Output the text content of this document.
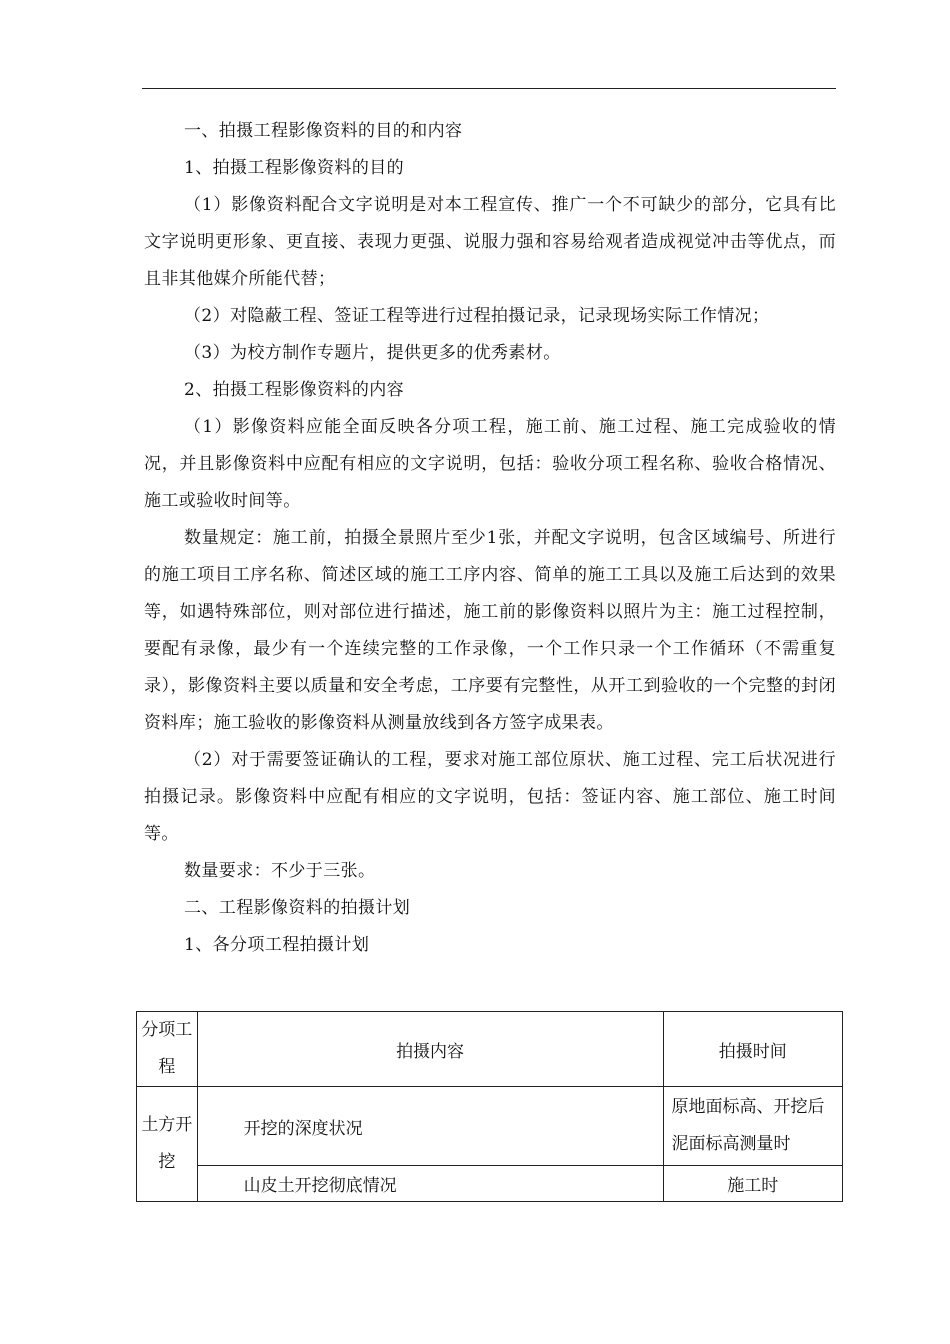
一、拍摄工程影像资料的目的和内容

1、拍摄工程影像资料的目的

（1）影像资料配合文字说明是对本工程宣传、推广一个不可缺少的部分，它具有比文字说明更形象、更直接、表现力更强、说服力强和容易给观者造成视觉冲击等优点，而且非其他媒介所能代替；

（2）对隐蔽工程、签证工程等进行过程拍摄记录，记录现场实际工作情况；

（3）为校方制作专题片，提供更多的优秀素材。

2、拍摄工程影像资料的内容

（1）影像资料应能全面反映各分项工程，施工前、施工过程、施工完成验收的情况，并且影像资料中应配有相应的文字说明，包括：验收分项工程名称、验收合格情况、施工或验收时间等。

数量规定：施工前，拍摄全景照片至少1张，并配文字说明，包含区域编号、所进行的施工项目工序名称、简述区域的施工工序内容、简单的施工工具以及施工后达到的效果等，如遇特殊部位，则对部位进行描述，施工前的影像资料以照片为主：施工过程控制，要配有录像，最少有一个连续完整的工作录像，一个工作只录一个工作循环（不需重复录），影像资料主要以质量和安全考虑，工序要有完整性，从开工到验收的一个完整的封闭资料库；施工验收的影像资料从测量放线到各方签字成果表。

（2）对于需要签证确认的工程，要求对施工部位原状、施工过程、完工后状况进行拍摄记录。影像资料中应配有相应的文字说明，包括：签证内容、施工部位、施工时间等。

数量要求：不少于三张。

二、工程影像资料的拍摄计划

1、各分项工程拍摄计划

分项工程	拍摄内容	拍摄时间
土方开挖	开挖的深度状况	原地面标高、开挖后泥面标高测量时
	山皮土开挖彻底情况	施工时
